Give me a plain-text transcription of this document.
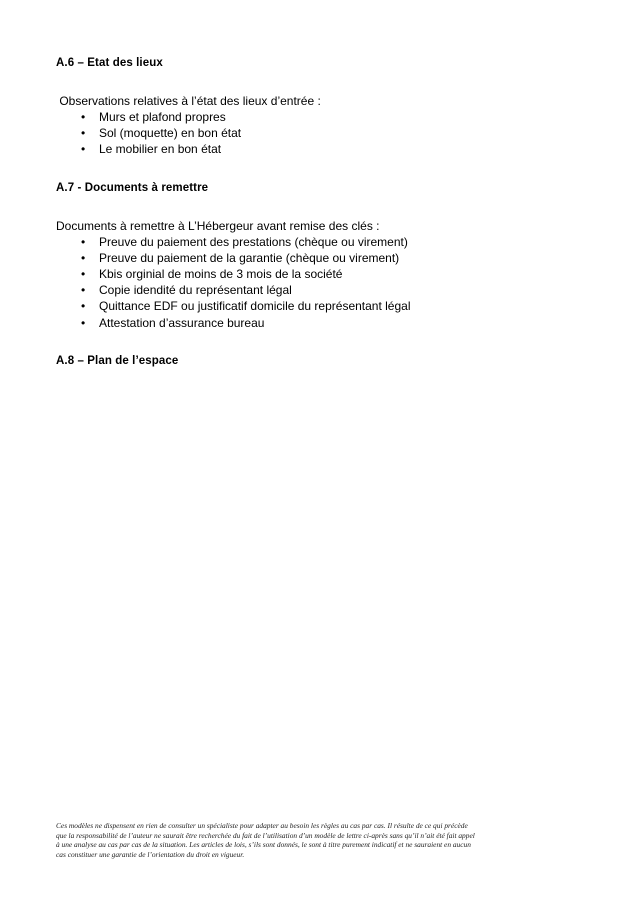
A.6 – Etat des lieux

Observations relatives à l’état des lieux d’entrée :

• Murs et plafond propres
• Sol (moquette) en bon état
• Le mobilier en bon état
A.7 - Documents à remettre

Documents à remettre à L’Hébergeur avant remise des clés :

• Preuve du paiement des prestations (chèque ou virement)
• Preuve du paiement de la garantie (chèque ou virement)
• Kbis orginial de moins de 3 mois de la société
• Copie idendité du représentant légal
• Quittance EDF ou justificatif domicile du représentant légal
• Attestation d’assurance bureau
A.8 – Plan de l’espace

Ces modèles ne dispensent en rien de consulter un spécialiste pour adapter au besoin les règles au cas par cas. Il résulte de ce qui précède

que la responsabilité de l’auteur ne saurait être recherchée du fait de l’utilisation d’un modèle de lettre ci-après sans qu’il n’ait été fait appel

à une analyse au cas par cas de la situation. Les articles de lois, s’ils sont donnés, le sont à titre purement indicatif et ne sauraient en aucun

cas constituer une garantie de l’orientation du droit en vigueur.
